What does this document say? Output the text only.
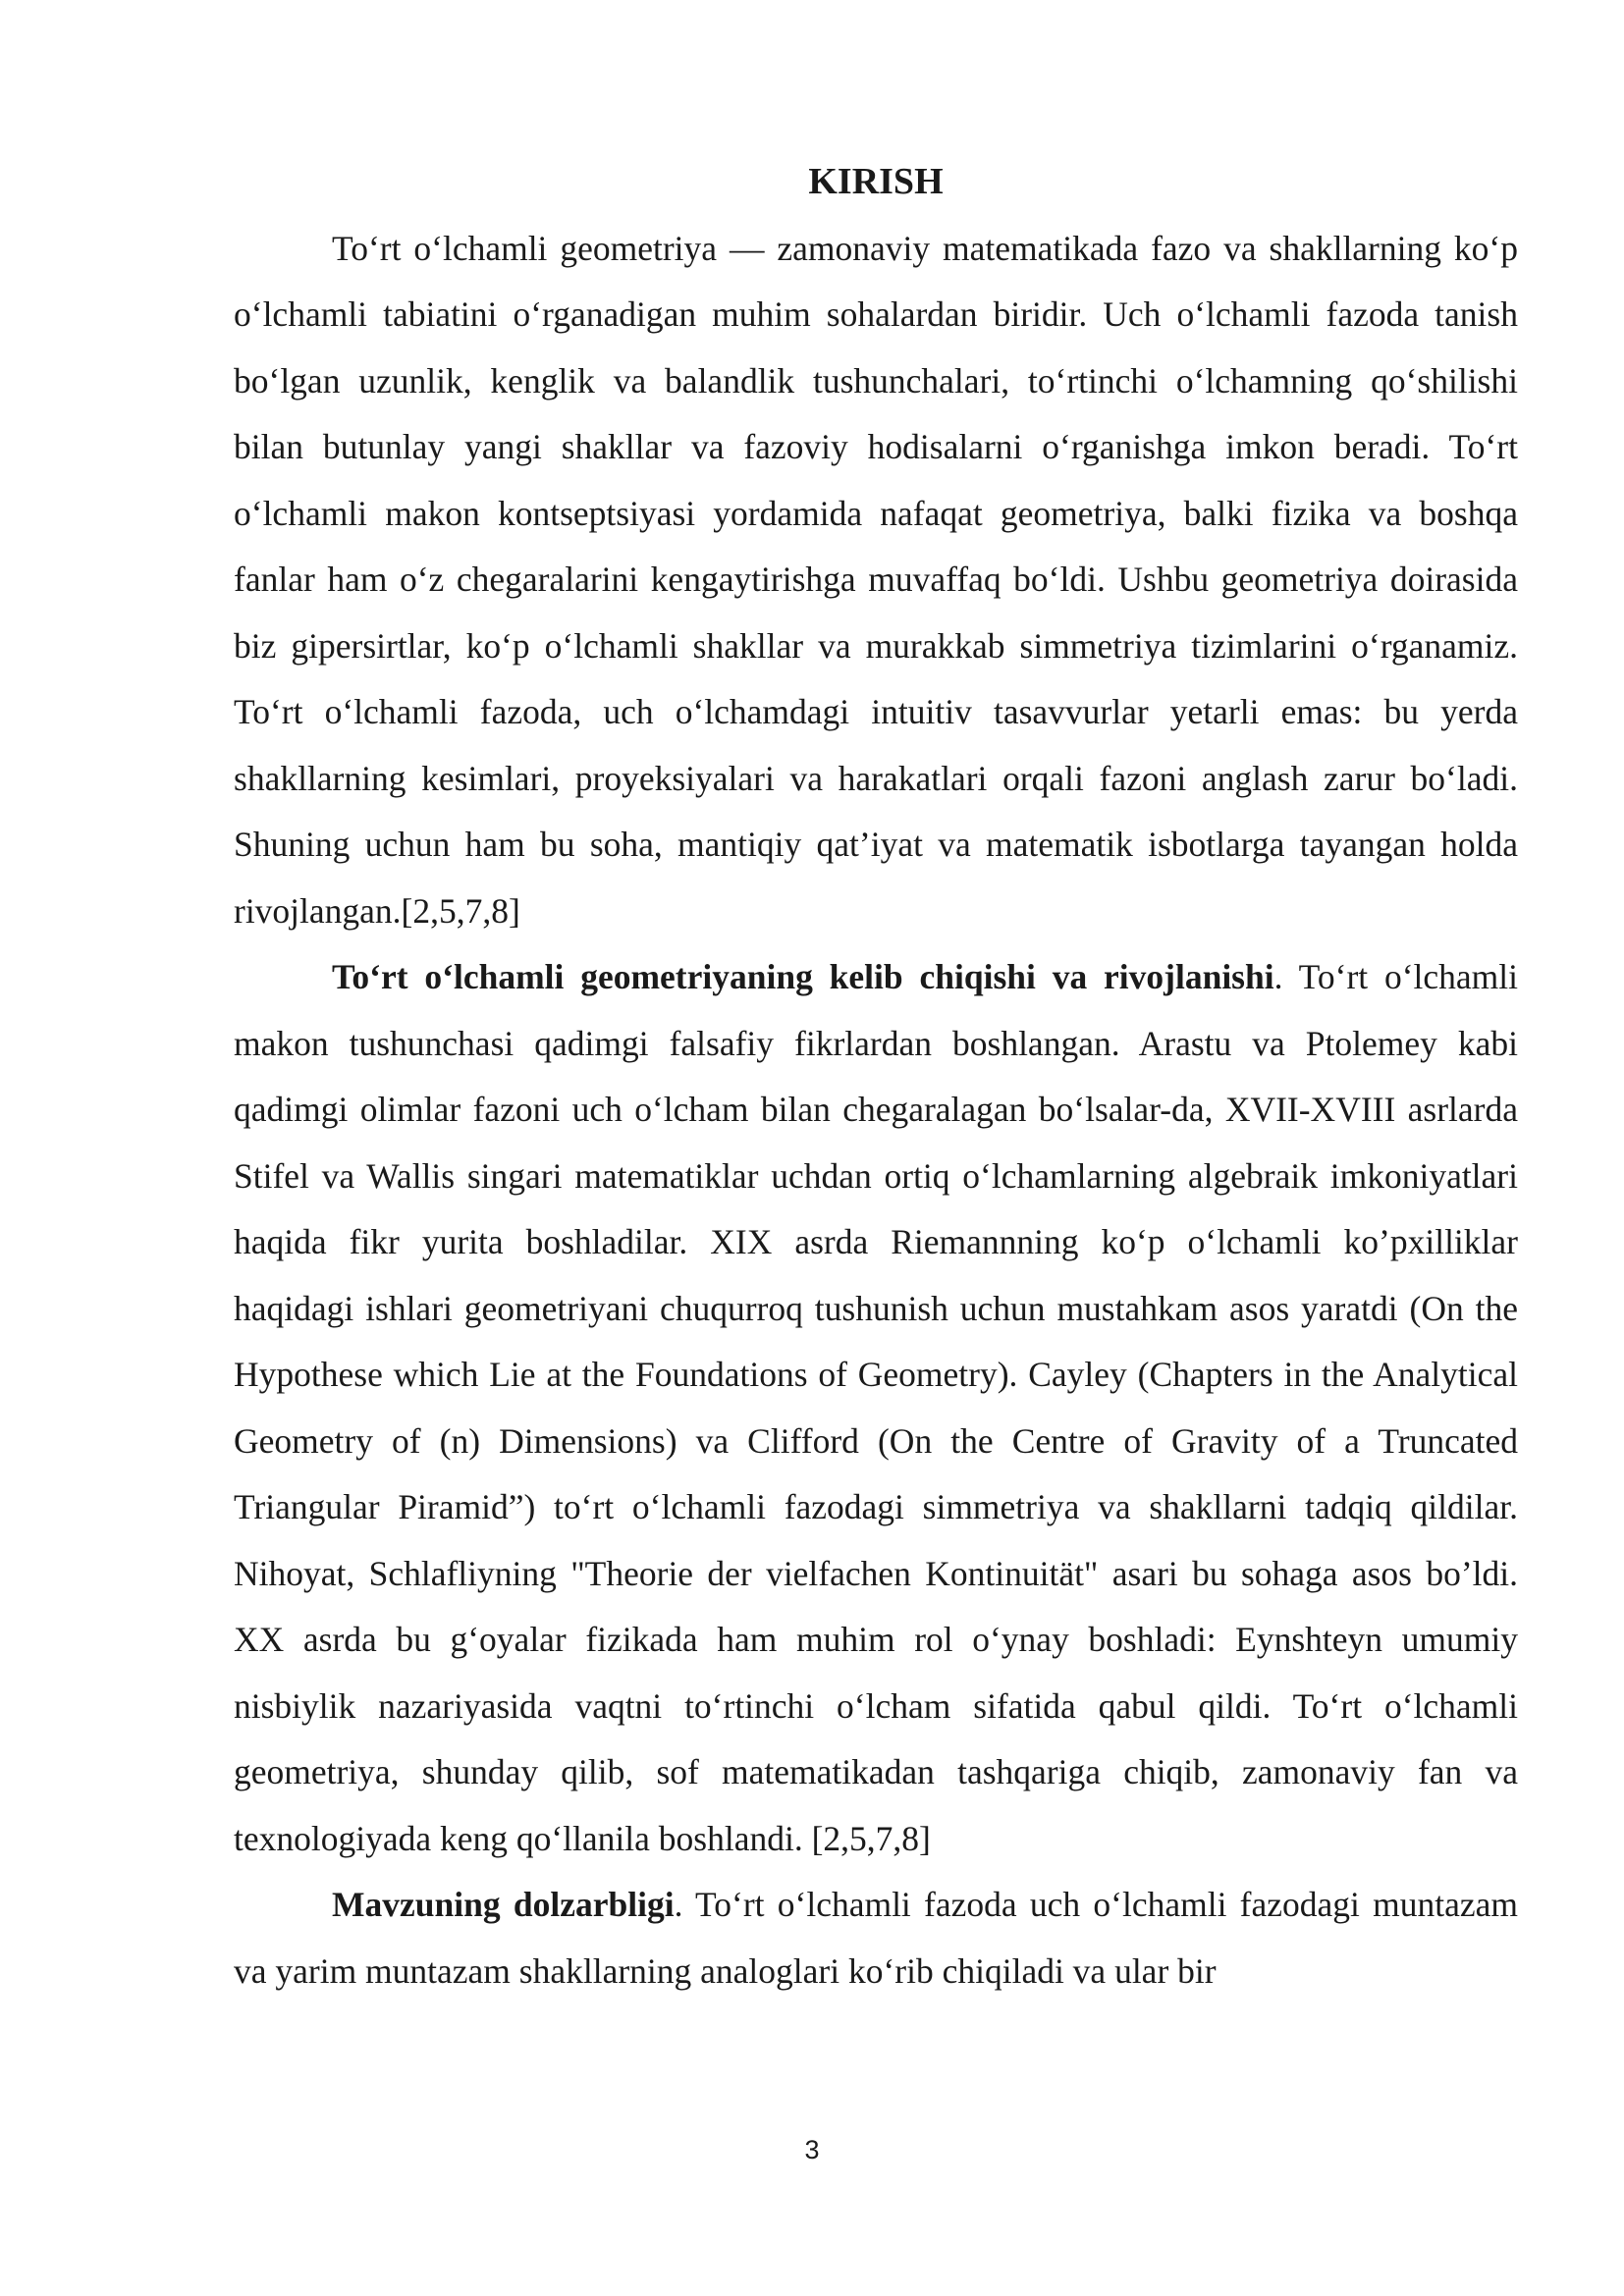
KIRISH

To‘rt o‘lchamli geometriya — zamonaviy matematikada fazo va shakllarning ko‘p o‘lchamli tabiatini o‘rganadigan muhim sohalardan biridir. Uch o‘lchamli fazoda tanish bo‘lgan uzunlik, kenglik va balandlik tushunchalari, to‘rtinchi o‘lchamning qo‘shilishi bilan butunlay yangi shakllar va fazoviy hodisalarni o‘rganishga imkon beradi. To‘rt o‘lchamli makon kontseptsiyasi yordamida nafaqat geometriya, balki fizika va boshqa fanlar ham o‘z chegaralarini kengaytirishga muvaffaq bo‘ldi. Ushbu geometriya doirasida biz gipersirtlar, ko‘p o‘lchamli shakllar va murakkab simmetriya tizimlarini o‘rganamiz. To‘rt o‘lchamli fazoda, uch o‘lchamdagi intuitiv tasavvurlar yetarli emas: bu yerda shakllarning kesimlari, proyeksiyalari va harakatlari orqali fazoni anglash zarur bo‘ladi. Shuning uchun ham bu soha, mantiqiy qat’iyat va matematik isbotlarga tayangan holda rivojlangan.[2,5,7,8]

To‘rt o‘lchamli geometriyaning kelib chiqishi va rivojlanishi. To‘rt o‘lchamli makon tushunchasi qadimgi falsafiy fikrlardan boshlangan. Arastu va Ptolemey kabi qadimgi olimlar fazoni uch o‘lcham bilan chegaralagan bo‘lsalar-da, XVII-XVIII asrlarda Stifel va Wallis singari matematiklar uchdan ortiq o‘lchamlarning algebraik imkoniyatlari haqida fikr yurita boshladilar. XIX asrda Riemannning ko‘p o‘lchamli ko’pxilliklar haqidagi ishlari geometriyani chuqurroq tushunish uchun mustahkam asos yaratdi (On the Hypothese which Lie at the Foundations of Geometry). Cayley (Chapters in the Analytical Geometry of (n) Dimensions) va Clifford (On the Centre of Gravity of a Truncated Triangular Piramid”) to‘rt o‘lchamli fazodagi simmetriya va shakllarni tadqiq qildilar. Nihoyat, Schlafliyning "Theorie der vielfachen Kontinuität" asari bu sohaga asos bo’ldi. XX asrda bu g‘oyalar fizikada ham muhim rol o‘ynay boshladi: Eynshteyn umumiy nisbiylik nazariyasida vaqtni to‘rtinchi o‘lcham sifatida qabul qildi. To‘rt o‘lchamli geometriya, shunday qilib, sof matematikadan tashqariga chiqib, zamonaviy fan va texnologiyada keng qo‘llanila boshlandi. [2,5,7,8]

Mavzuning dolzarbligi. To‘rt o‘lchamli fazoda uch o‘lchamli fazodagi muntazam va yarim muntazam shakllarning analoglari ko‘rib chiqiladi va ular bir

3
